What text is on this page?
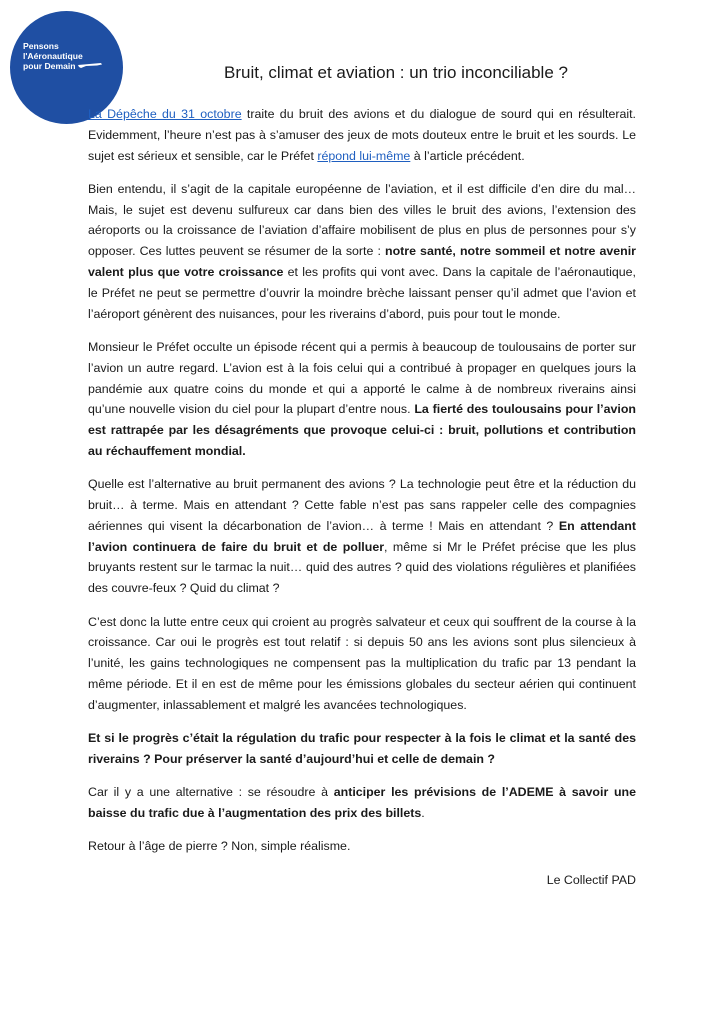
Pensons
l'Aéronautique
pour Demain	Bruit, climat et aviation : un trio inconciliable ?

La Dépêche du 31 octobre traite du bruit des avions et du dialogue de sourd qui en résulterait. Evidemment, l’heure n’est pas à s’amuser des jeux de mots douteux entre le bruit et les sourds. Le sujet est sérieux et sensible, car le Préfet répond lui-même à l’article précédent.

Bien entendu, il s’agit de la capitale européenne de l’aviation, et il est difficile d’en dire du mal… Mais, le sujet est devenu sulfureux car dans bien des villes le bruit des avions, l’extension des aéroports ou la croissance de l’aviation d’affaire mobilisent de plus en plus de personnes pour s’y opposer. Ces luttes peuvent se résumer de la sorte : notre santé, notre sommeil et notre avenir valent plus que votre croissance et les profits qui vont avec. Dans la capitale de l’aéronautique, le Préfet ne peut se permettre d’ouvrir la moindre brèche laissant penser qu’il admet que l’avion et l’aéroport génèrent des nuisances, pour les riverains d’abord, puis pour tout le monde.

Monsieur le Préfet occulte un épisode récent qui a permis à beaucoup de toulousains de porter sur l’avion un autre regard. L’avion est à la fois celui qui a contribué à propager en quelques jours la pandémie aux quatre coins du monde et qui a apporté le calme à de nombreux riverains ainsi qu’une nouvelle vision du ciel pour la plupart d’entre nous. La fierté des toulousains pour l’avion est rattrapée par les désagréments que provoque celui-ci : bruit, pollutions et contribution au réchauffement mondial.

Quelle est l’alternative au bruit permanent des avions ? La technologie peut être et la réduction du bruit… à terme. Mais en attendant ? Cette fable n’est pas sans rappeler celle des compagnies aériennes qui visent la décarbonation de l’avion… à terme ! Mais en attendant ? En attendant l’avion continuera de faire du bruit et de polluer, même si Mr le Préfet précise que les plus bruyants restent sur le tarmac la nuit… quid des autres ? quid des violations régulières et planifiées des couvre-feux ? Quid du climat ?

C’est donc la lutte entre ceux qui croient au progrès salvateur et ceux qui souffrent de la course à la croissance. Car oui le progrès est tout relatif : si depuis 50 ans les avions sont plus silencieux à l’unité, les gains technologiques ne compensent pas la multiplication du trafic par 13 pendant la même période. Et il en est de même pour les émissions globales du secteur aérien qui continuent d’augmenter, inlassablement et malgré les avancées technologiques.

Et si le progrès c’était la régulation du trafic pour respecter à la fois le climat et la santé des riverains ? Pour préserver la santé d’aujourd’hui et celle de demain ?

Car il y a une alternative : se résoudre à anticiper les prévisions de l’ADEME à savoir une baisse du trafic due à l’augmentation des prix des billets.

Retour à l’âge de pierre ? Non, simple réalisme.

Le Collectif PAD
